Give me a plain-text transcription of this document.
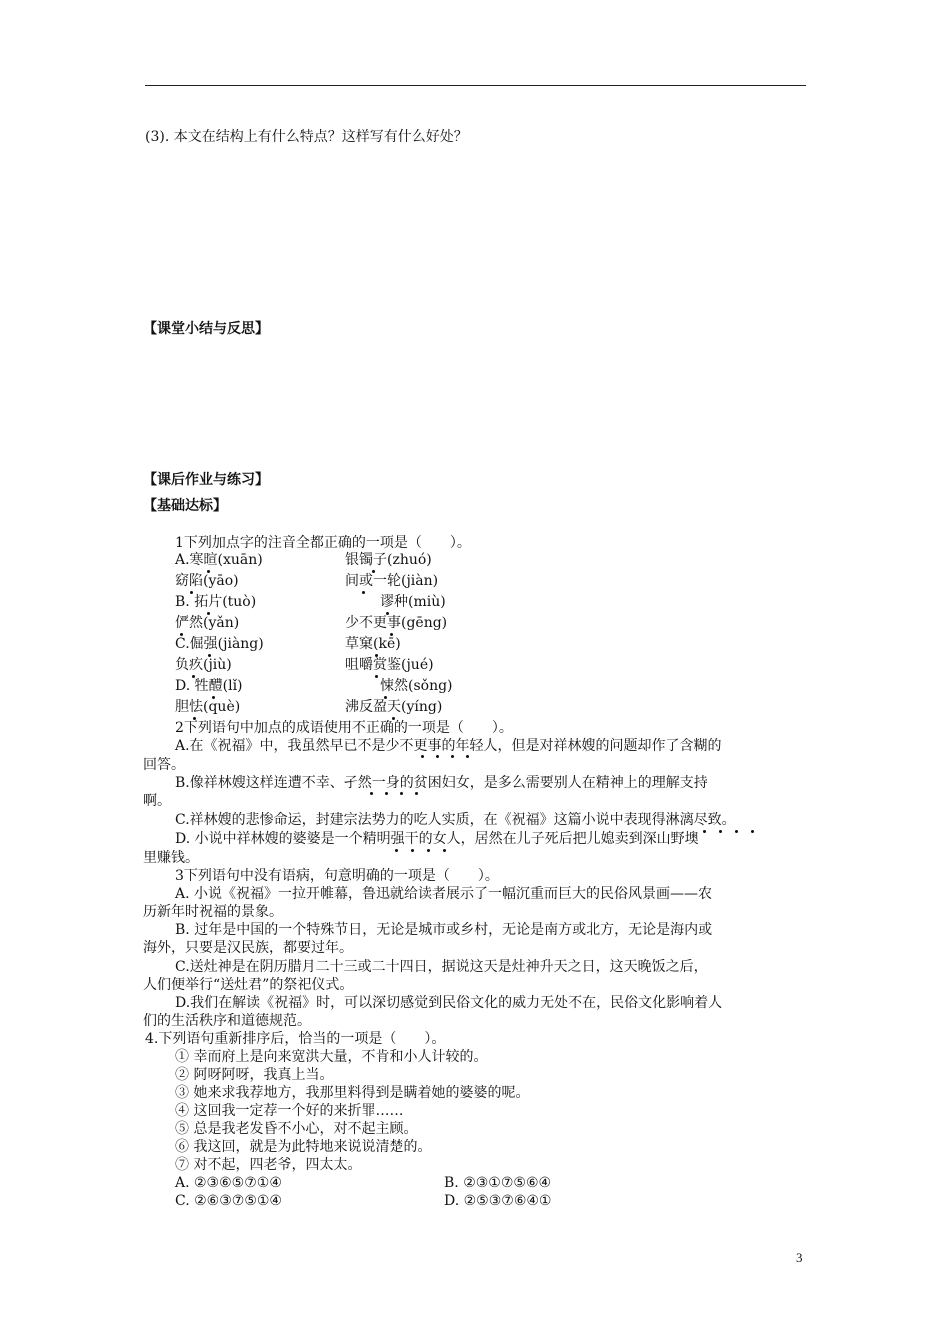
(3). 本文在结构上有什么特点？这样写有什么好处？
【课堂小结与反思】
【课后作业与练习】
【基础达标】
1下列加点字的注音全都正确的一项是（　　）。
A.寒暄(xuān)	银镯子(zhuó)
窈陷(yāo)	间或一轮(jiàn)
B. 拓片(tuò)	谬种(miù)
俨然(yǎn)	少不更事(gēng)
C.倔强(jiàng)	草窠(kē)
负疚(jiù)	咀嚼赏鉴(jué)
D. 牲醴(lǐ)	悚然(sǒng)
胆怯(què)	沸反盈天(yíng)
2下列语句中加点的成语使用不正确的一项是（　　）。
A.在《祝福》中，我虽然早已不是少不更事的年轻人，但是对祥林嫂的问题却作了含糊的
回答。
B.像祥林嫂这样连遭不幸、孑然一身的贫困妇女，是多么需要别人在精神上的理解支持
啊。
C.祥林嫂的悲惨命运，封建宗法势力的吃人实质，在《祝福》这篇小说中表现得淋漓尽致。
D. 小说中祥林嫂的婆婆是一个精明强干的女人，居然在儿子死后把儿媳卖到深山野墺
里赚钱。
3下列语句中没有语病，句意明确的一项是（　　）。
A. 小说《祝福》一拉开帷幕，鲁迅就给读者展示了一幅沉重而巨大的民俗风景画——农
历新年时祝福的景象。
B. 过年是中国的一个特殊节日，无论是城市或乡村，无论是南方或北方，无论是海内或
海外，只要是汉民族，都要过年。
C.送灶神是在阴历腊月二十三或二十四日，据说这天是灶神升天之日，这天晚饭之后，
人们便举行“送灶君”的祭祀仪式。
D.我们在解读《祝福》时，可以深切感觉到民俗文化的威力无处不在，民俗文化影响着人
们的生活秩序和道德规范。
4.下列语句重新排序后，恰当的一项是（　　）。
① 幸而府上是向来宽洪大量，不肯和小人计较的。
② 阿呀阿呀，我真上当。
③ 她来求我荐地方，我那里料得到是瞒着她的婆婆的呢。
④ 这回我一定荐一个好的来折罪……
⑤ 总是我老发昏不小心，对不起主顾。
⑥ 我这回，就是为此特地来说说清楚的。
⑦ 对不起，四老爷，四太太。
A. ②③⑥⑤⑦①④	B. ②③①⑦⑤⑥④
C. ②⑥③⑦⑤①④	D. ②⑤③⑦⑥④①
3
